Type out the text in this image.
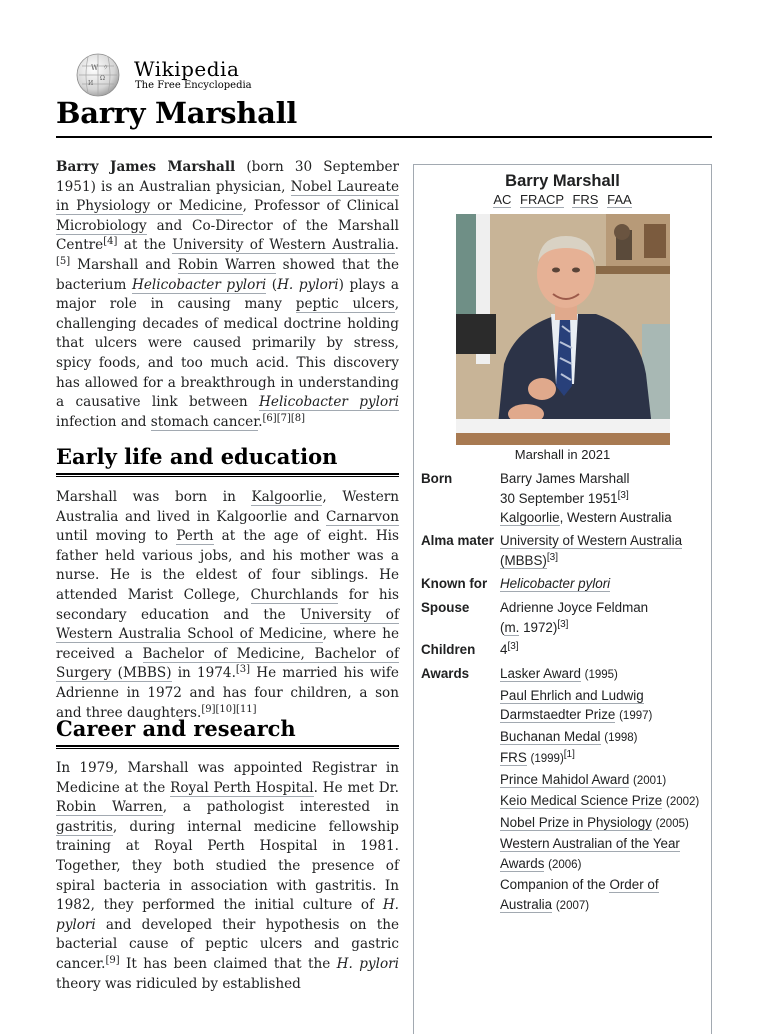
W
Ω
И
ウ Wikipedia
The Free Encyclopedia
Barry Marshall

Barry James Marshall (born 30 September 1951) is an Australian physician, Nobel Laureate in Physiology or Medicine, Professor of Clinical Microbiology and Co-Director of the Marshall Centre[4] at the University of Western Australia.[5] Marshall and Robin Warren showed that the bacterium Helicobacter pylori (H. pylori) plays a major role in causing many peptic ulcers, challenging decades of medical doctrine holding that ulcers were caused primarily by stress, spicy foods, and too much acid. This discovery has allowed for a breakthrough in understanding a causative link between Helicobacter pylori infection and stomach cancer.[6][7][8]

Early life and education

Marshall was born in Kalgoorlie, Western Australia and lived in Kalgoorlie and Carnarvon until moving to Perth at the age of eight. His father held various jobs, and his mother was a nurse. He is the eldest of four siblings. He attended Marist College, Churchlands for his secondary education and the University of Western Australia School of Medicine, where he received a Bachelor of Medicine, Bachelor of Surgery (MBBS) in 1974.[3] He married his wife Adrienne in 1972 and has four children, a son and three daughters.[9][10][11]

Career and research

In 1979, Marshall was appointed Registrar in Medicine at the Royal Perth Hospital. He met Dr. Robin Warren, a pathologist interested in gastritis, during internal medicine fellowship training at Royal Perth Hospital in 1981. Together, they both studied the presence of spiral bacteria in association with gastritis. In 1982, they performed the initial culture of H. pylori and developed their hypothesis on the bacterial cause of peptic ulcers and gastric cancer.[9] It has been claimed that the H. pylori theory was ridiculed by established

Barry Marshall
AC FRACP FRS FAA
Marshall in 2021
Born	Barry James Marshall
30 September 1951[3]
Kalgoorlie, Western Australia
Alma mater University of Western Australia (MBBS)[3]
Known for Helicobacter pylori
Spouse	Adrienne Joyce Feldman
(m. 1972)[3]
Children	4[3]
Awards	Lasker Award (1995)
Paul Ehrlich and Ludwig Darmstaedter Prize (1997)
Buchanan Medal (1998)
FRS (1999)[1]
Prince Mahidol Award (2001)
Keio Medical Science Prize (2002)
Nobel Prize in Physiology (2005)
Western Australian of the Year Awards (2006)
Companion of the Order of Australia (2007)
